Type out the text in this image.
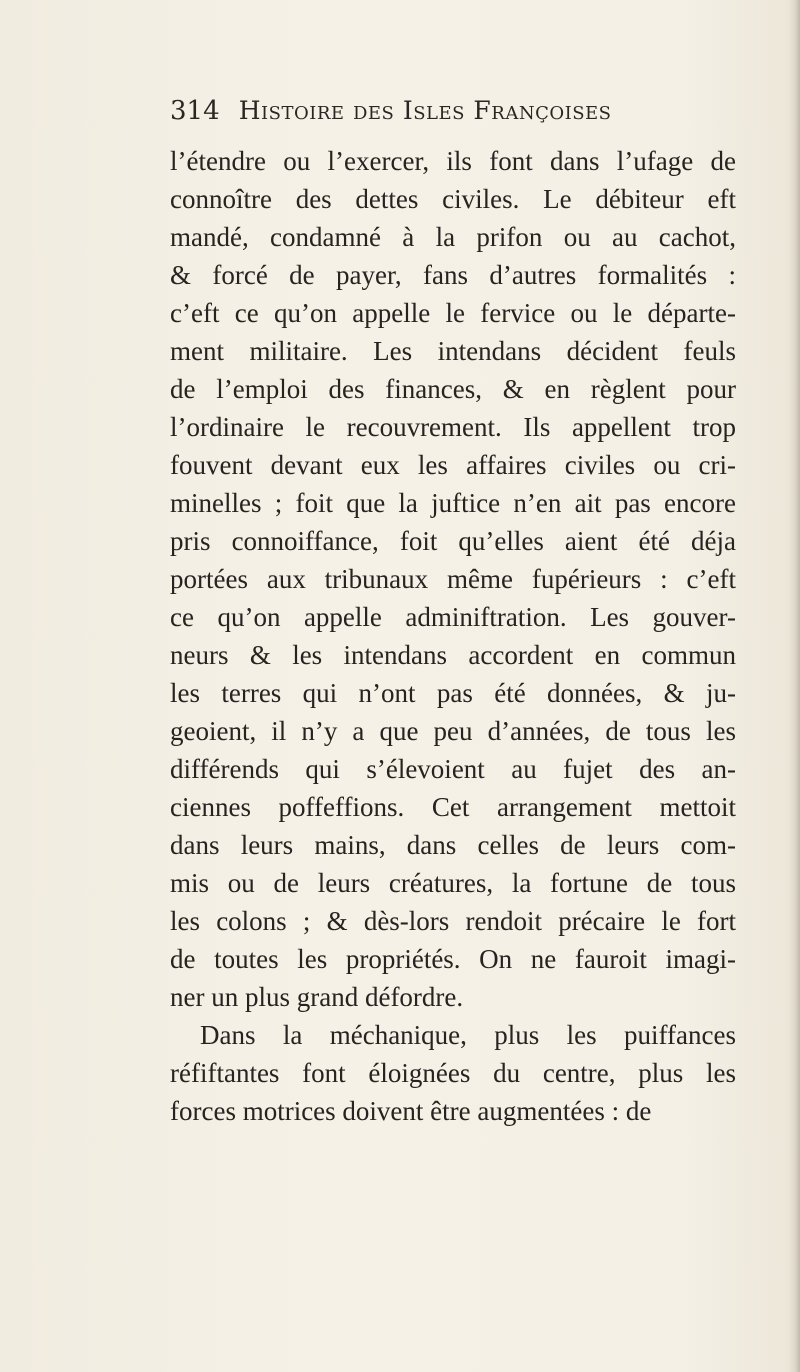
314 Histoire des Isles Françoises
l’étendre ou l’exercer, ils font dans l’ufage de
connoître des dettes civiles. Le débiteur eft
mandé, condamné à la prifon ou au cachot,
& forcé de payer, fans d’autres formalités :
c’eft ce qu’on appelle le fervice ou le départe-
ment militaire. Les intendans décident feuls
de l’emploi des finances, & en règlent pour
l’ordinaire le recouvrement. Ils appellent trop
fouvent devant eux les affaires civiles ou cri-
minelles ; foit que la juftice n’en ait pas encore
pris connoiffance, foit qu’elles aient été déja
portées aux tribunaux même fupérieurs : c’eft
ce qu’on appelle adminiftration. Les gouver-
neurs & les intendans accordent en commun
les terres qui n’ont pas été données, & ju-
geoient, il n’y a que peu d’années, de tous les
différends qui s’élevoient au fujet des an-
ciennes poffeffions. Cet arrangement mettoit
dans leurs mains, dans celles de leurs com-
mis ou de leurs créatures, la fortune de tous
les colons ; & dès-lors rendoit précaire le fort
de toutes les propriétés. On ne fauroit imagi-
ner un plus grand défordre.
Dans la méchanique, plus les puiffances
réfiftantes font éloignées du centre, plus les
forces motrices doivent être augmentées : de
